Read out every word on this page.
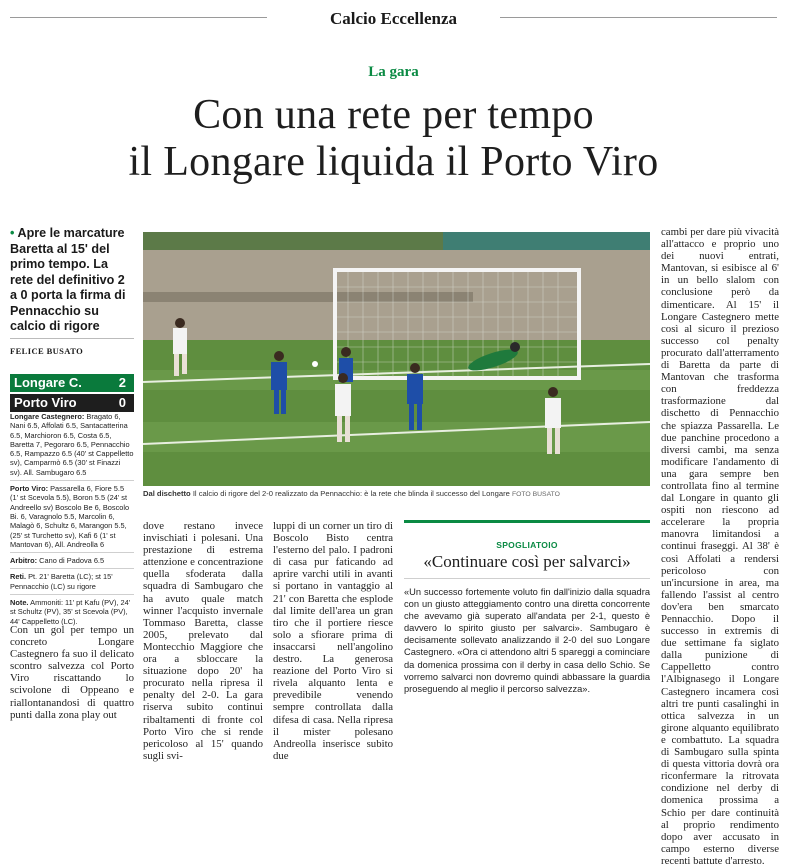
Calcio Eccellenza
La gara
Con una rete per tempo
il Longare liquida il Porto Viro
• Apre le marcature Baretta al 15' del primo tempo. La rete del definitivo 2 a 0 porta la firma di Pennacchio su calcio di rigore
FELICE BUSATO
Longare C.	2
Porto Viro	0

Longare Castegnero: Bragato 6, Nani 6.5, Affolati 6.5, Santacatterina 6.5, Marchioron 6.5, Costa 6.5, Baretta 7, Pegoraro 6.5, Pennacchio 6.5, Rampazzo 6.5 (40' st Cappelletto sv), Camparmò 6.5 (30' st Finazzi sv). All. Sambugaro 6.5

Porto Viro: Passarella 6, Fiore 5.5 (1' st Scevola 5.5), Boron 5.5 (24' st Andreello sv) Boscolo Be 6, Boscolo Bi. 6, Varagnolo 5.5, Marcolin 6, Malagò 6, Schultz 6, Marangon 5.5, (25' st Turchetto sv), Kafi 6 (1' st Mantovan 6), All. Andreolla 6

Arbitro: Cano di Padova 6.5

Reti. Pt. 21' Baretta (LC); st 15' Pennacchio (LC) su rigore

Note. Ammoniti: 11' pt Kafu (PV), 24' st Schultz (PV), 35' st Scevola (PV), 44' Cappelletto (LC).

Con un gol per tempo un concreto Longare Castegnero fa suo il delicato scontro salvezza col Porto Viro riscattando lo scivolone di Oppeano e riallontanandosi di quattro punti dalla zona play out
Dal dischetto Il calcio di rigore del 2-0 realizzato da Pennacchio: è la rete che blinda il successo del Longare FOTO BUSATO
dove restano invece invischiati i polesani. Una prestazione di estrema attenzione e concentrazione quella sfoderata dalla squadra di Sambugaro che ha avuto quale match winner l'acquisto invernale Tommaso Baretta, classe 2005, prelevato dal Montecchio Maggiore che ora a sbloccare la situazione dopo 20' ha procurato nella ripresa il penalty del 2-0. La gara riserva subito continui ribaltamenti di fronte col Porto Viro che si rende pericoloso al 15' quando sugli svi-
luppi di un corner un tiro di Boscolo Bisto centra l'esterno del palo. I padroni di casa pur faticando ad aprire varchi utili in avanti si portano in vantaggio al 21' con Baretta che esplode dal limite dell'area un gran tiro che il portiere riesce solo a sfiorare prima di insaccarsi nell'angolino destro. La generosa reazione del Porto Viro si rivela alquanto lenta e prevedibile venendo sempre controllata dalla difesa di casa. Nella ripresa il mister polesano Andreolla inserisce subito due
cambi per dare più vivacità all'attacco e proprio uno dei nuovi entrati, Mantovan, si esibisce al 6' in un bello slalom con conclusione però da dimenticare. Al 15' il Longare Castegnero mette così al sicuro il prezioso successo col penalty procurato dall'atterramento di Baretta da parte di Mantovan che trasforma con freddezza trasformazione dal dischetto di Pennacchio che spiazza Passarella. Le due panchine procedono a diversi cambi, ma senza modificare l'andamento di una gara sempre ben controllata fino al termine dal Longare in quanto gli ospiti non riescono ad accelerare la propria manovra limitandosi a continui fraseggi. Al 38' è così Affolati a rendersi pericoloso con un'incursione in area, ma fallendo l'assist al centro dov'era ben smarcato Pennacchio. Dopo il successo in extremis di due settimane fa siglato dalla punizione di Cappelletto contro l'Albignasego il Longare Castegnero incamera così altri tre punti casalinghi in ottica salvezza in un girone alquanto equilibrato e combattuto. La squadra di Sambugaro sulla spinta di questa vittoria dovrà ora riconfermare la ritrovata condizione nel derby di domenica prossima a Schio per dare continuità al proprio rendimento dopo aver accusato in campo esterno diverse recenti battute d'arresto.
SPOGLIATOIO
«Continuare così per salvarci»
«Un successo fortemente voluto fin dall'inizio dalla squadra con un giusto atteggiamento contro una diretta concorrente che avevamo già superato all'andata per 2-1, questo è davvero lo spirito giusto per salvarci». Sambugaro è decisamente sollevato analizzando il 2-0 del suo Longare Castegnero. «Ora ci attendono altri 5 spareggi a cominciare da domenica prossima con il derby in casa dello Schio. Se vorremo salvarci non dovremo quindi abbassare la guardia proseguendo al meglio il percorso salvezza».
